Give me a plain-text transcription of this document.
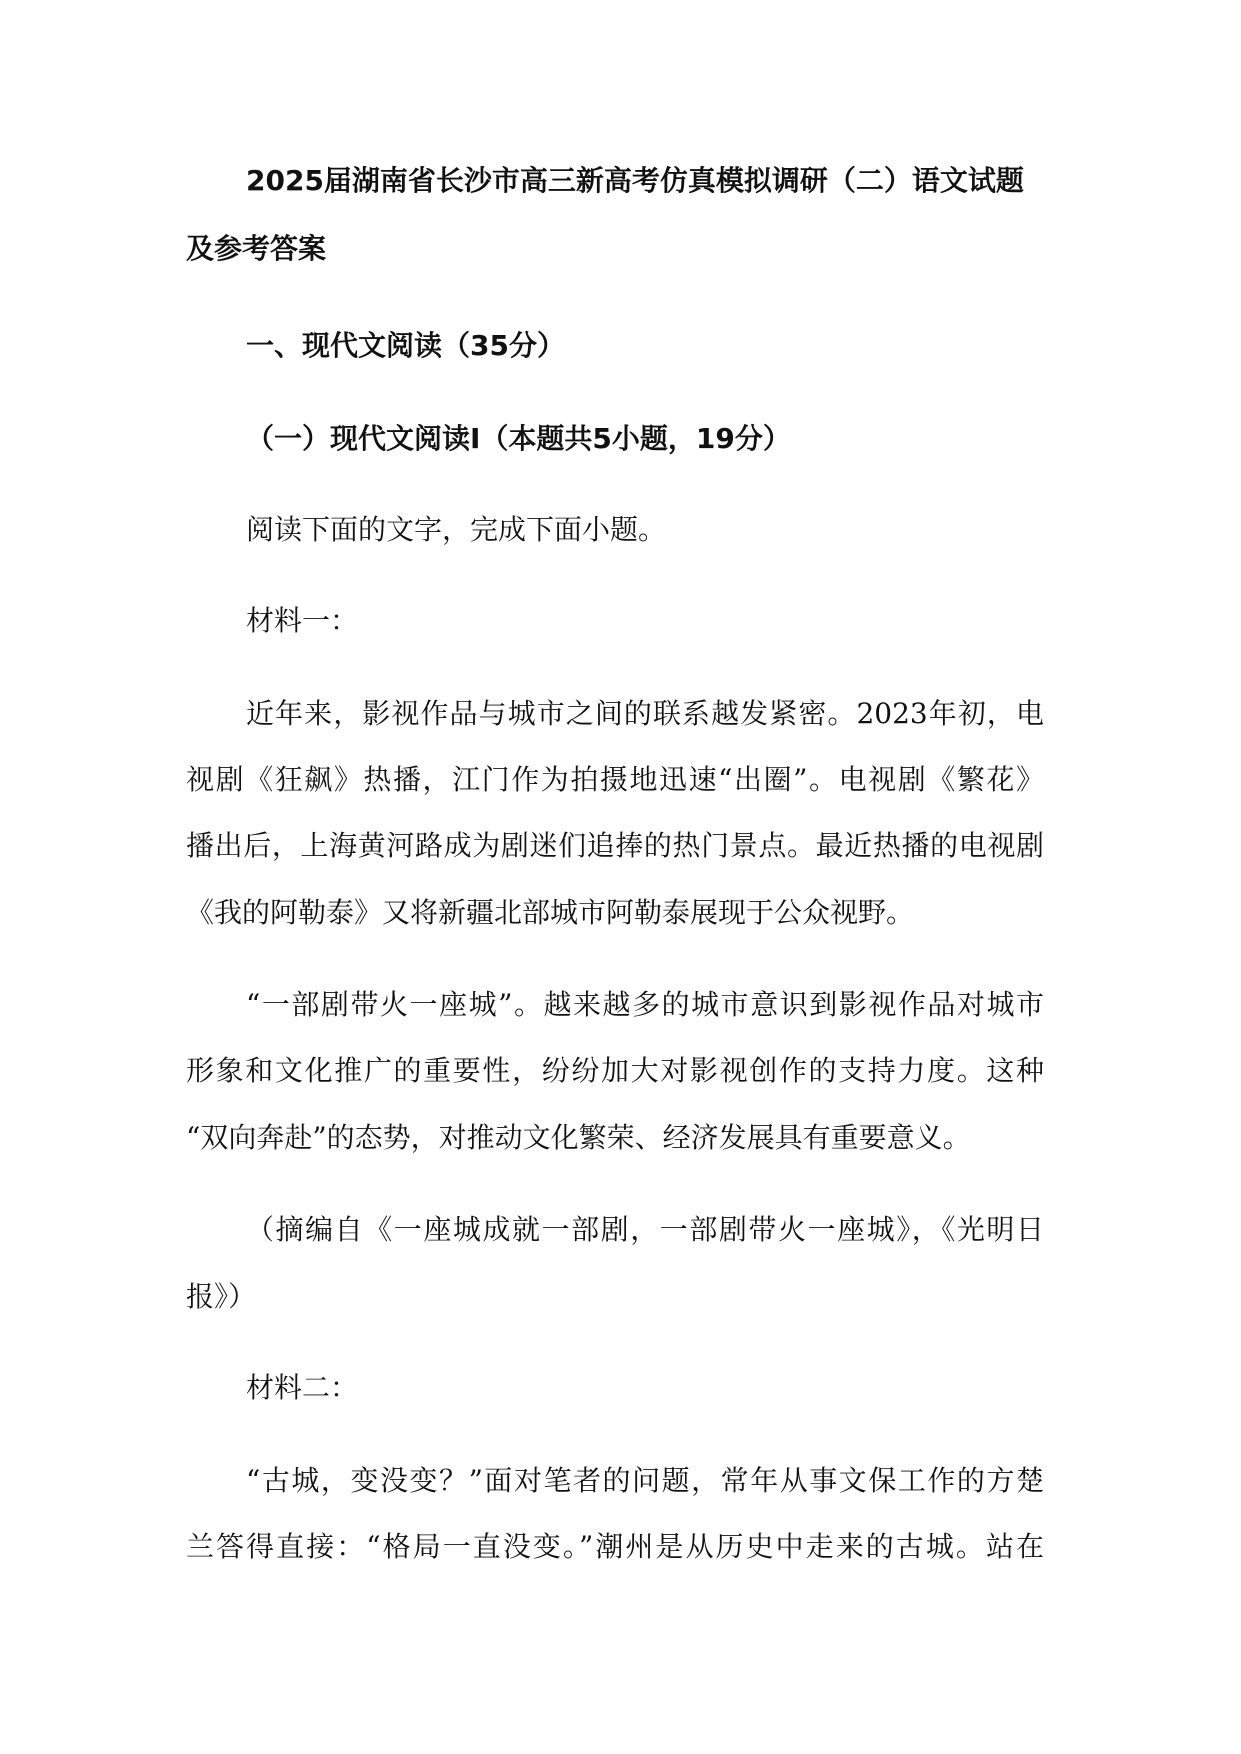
2025届湖南省长沙市高三新高考仿真模拟调研（二）语文试题
及参考答案
一、现代文阅读（35分）
（一）现代文阅读Ⅰ（本题共5小题，19分）
阅读下面的文字，完成下面小题。
材料一：
近年来，影视作品与城市之间的联系越发紧密。2023年初，电
视剧《狂飙》热播，江门作为拍摄地迅速“出圈”。电视剧《繁花》
播出后，上海黄河路成为剧迷们追捧的热门景点。最近热播的电视剧
《我的阿勒泰》又将新疆北部城市阿勒泰展现于公众视野。
“一部剧带火一座城”。越来越多的城市意识到影视作品对城市
形象和文化推广的重要性，纷纷加大对影视创作的支持力度。这种
“双向奔赴”的态势，对推动文化繁荣、经济发展具有重要意义。
（摘编自《一座城成就一部剧，一部剧带火一座城》，《光明日
报》）
材料二：
“古城，变没变？”面对笔者的问题，常年从事文保工作的方楚
兰答得直接：“格局一直没变。”潮州是从历史中走来的古城。站在
